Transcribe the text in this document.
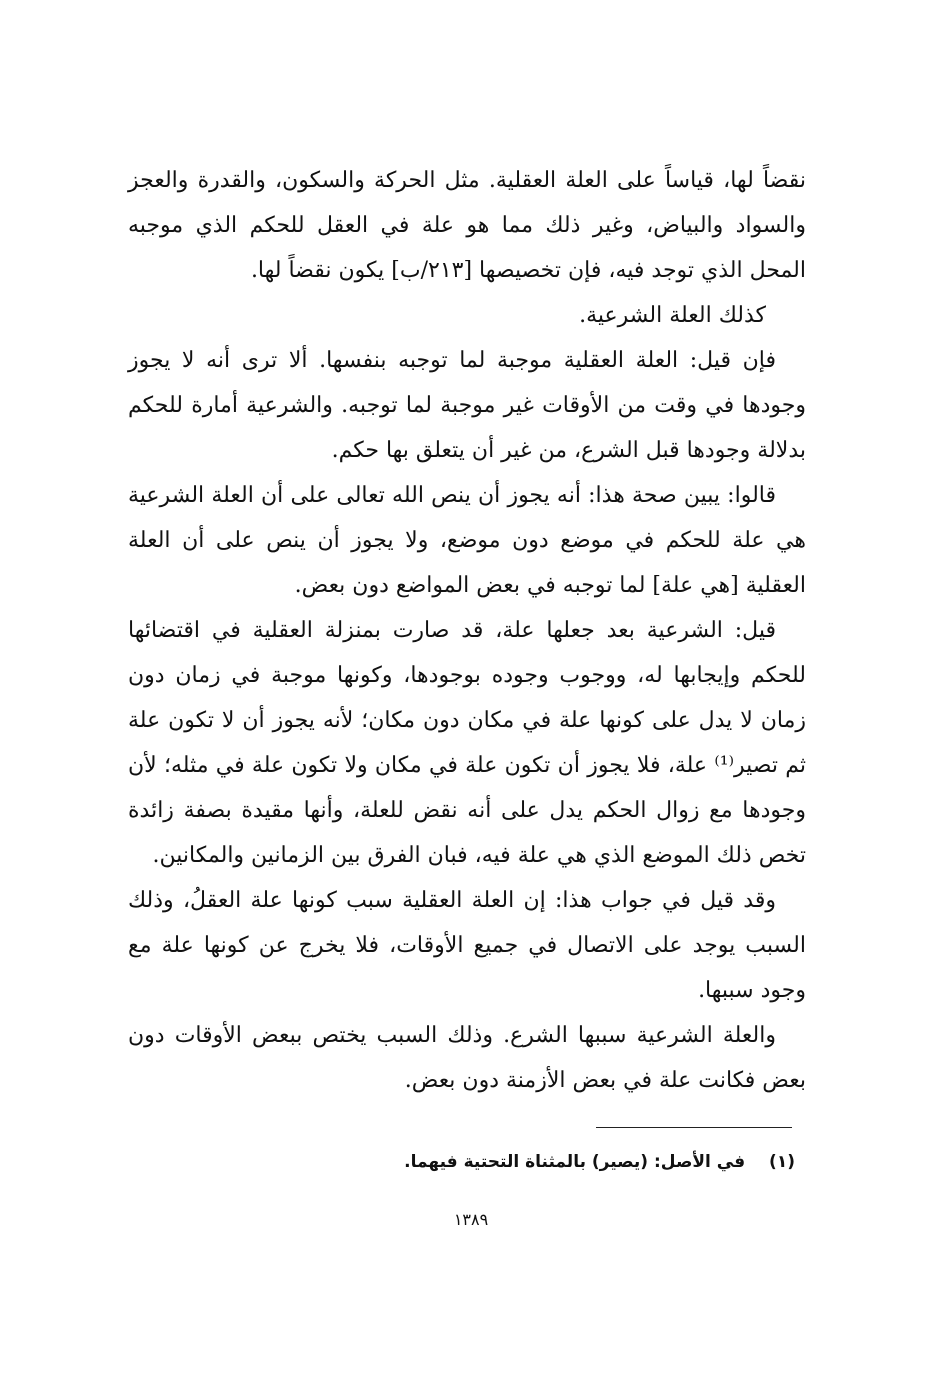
نقضاً لها، قياساً على العلة العقلية. مثل الحركة والسكون، والقدرة والعجز والسواد والبياض، وغير ذلك مما هو علة في العقل للحكم الذي موجبه المحل الذي توجد فيه، فإن تخصيصها [٢١٣/ب] يكون نقضاً لها.

كذلك العلة الشرعية.

فإن قيل: العلة العقلية موجبة لما توجبه بنفسها. ألا ترى أنه لا يجوز وجودها في وقت من الأوقات غير موجبة لما توجبه. والشرعية أمارة للحكم بدلالة وجودها قبل الشرع، من غير أن يتعلق بها حكم.

قالوا: يبين صحة هذا: أنه يجوز أن ينص الله تعالى على أن العلة الشرعية هي علة للحكم في موضع دون موضع، ولا يجوز أن ينص على أن العلة العقلية [هي علة] لما توجبه في بعض المواضع دون بعض.

قيل: الشرعية بعد جعلها علة، قد صارت بمنزلة العقلية في اقتضائها للحكم وإيجابها له، ووجوب وجوده بوجودها، وكونها موجبة في زمان دون زمان لا يدل على كونها علة في مكان دون مكان؛ لأنه يجوز أن لا تكون علة ثم تصير⁽¹⁾ علة، فلا يجوز أن تكون علة في مكان ولا تكون علة في مثله؛ لأن وجودها مع زوال الحكم يدل على أنه نقض للعلة، وأنها مقيدة بصفة زائدة تخص ذلك الموضع الذي هي علة فيه، فبان الفرق بين الزمانين والمكانين.

وقد قيل في جواب هذا: إن العلة العقلية سبب كونها علة العقلُ، وذلك السبب يوجد على الاتصال في جميع الأوقات، فلا يخرج عن كونها علة مع وجود سببها.

والعلة الشرعية سببها الشرع. وذلك السبب يختص ببعض الأوقات دون بعض فكانت علة في بعض الأزمنة دون بعض.

(١) في الأصل: (يصير) بالمثناة التحتية فيهما.
١٣٨٩
